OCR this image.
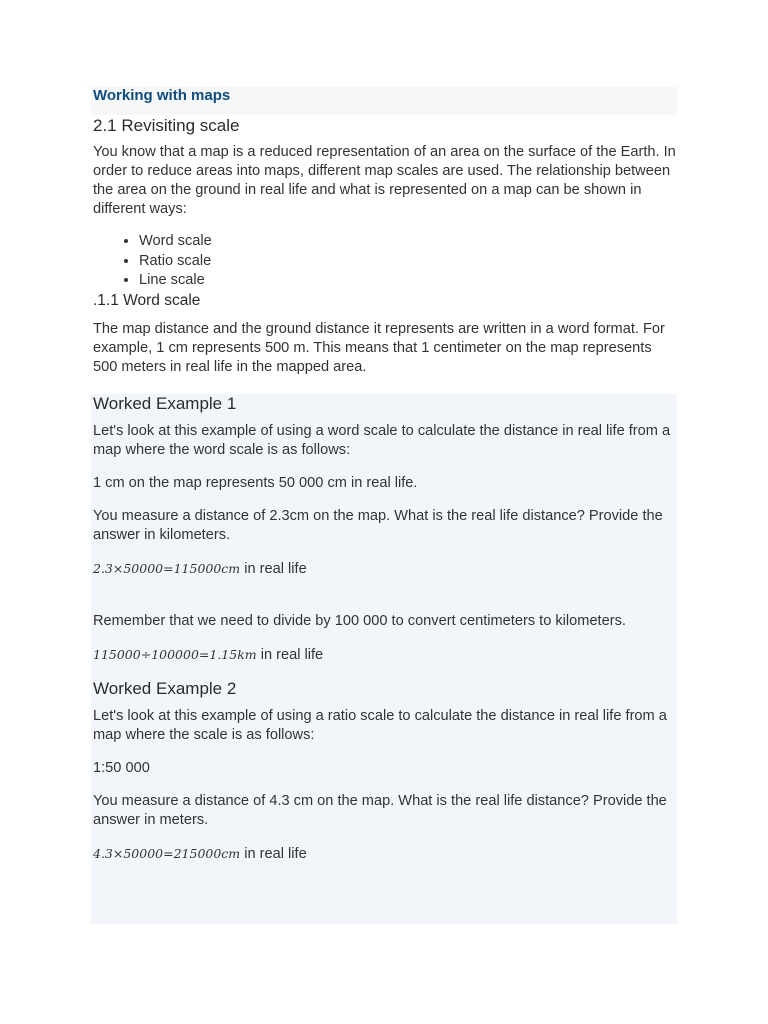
Working with maps
2.1 Revisiting scale

You know that a map is a reduced representation of an area on the surface of the Earth. In order to reduce areas into maps, different map scales are used. The relationship between the area on the ground in real life and what is represented on a map can be shown in different ways:

• Word scale
• Ratio scale
• Line scale
.1.1 Word scale

The map distance and the ground distance it represents are written in a word format. For example, 1 cm represents 500 m. This means that 1 centimeter on the map represents 500 meters in real life in the mapped area.

Worked Example 1

Let's look at this example of using a word scale to calculate the distance in real life from a map where the word scale is as follows:

1 cm on the map represents 50 000 cm in real life.

You measure a distance of 2.3cm on the map. What is the real life distance? Provide the answer in kilometers.

2.3×50000=115000cm in real life

Remember that we need to divide by 100 000 to convert centimeters to kilometers.

115000÷100000=1.15km in real life

Worked Example 2

Let's look at this example of using a ratio scale to calculate the distance in real life from a map where the scale is as follows:

1:50 000

You measure a distance of 4.3 cm on the map. What is the real life distance? Provide the answer in meters.

4.3×50000=215000cm in real life
